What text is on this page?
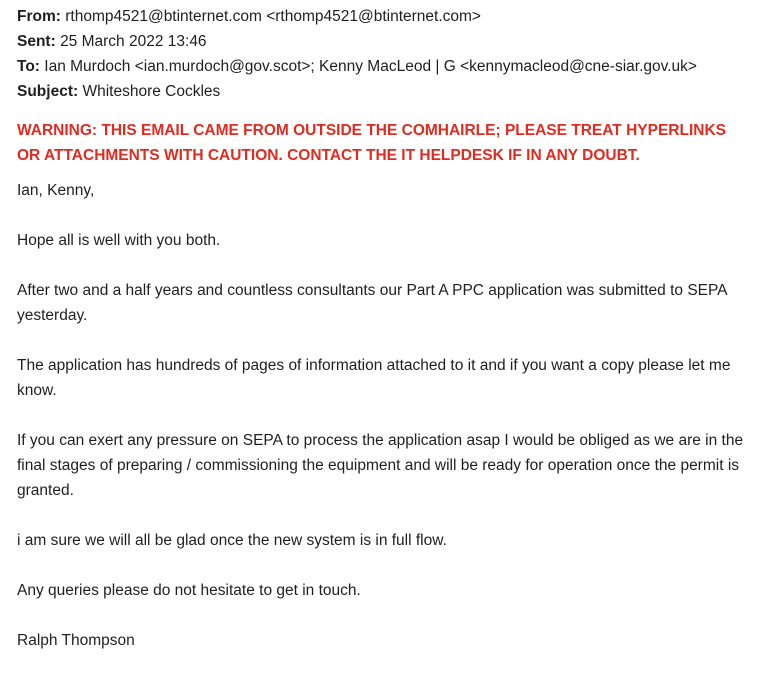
From: rthomp4521@btinternet.com <rthomp4521@btinternet.com>

Sent: 25 March 2022 13:46

To: Ian Murdoch <ian.murdoch@gov.scot>; Kenny MacLeod | G <kennymacleod@cne-siar.gov.uk>

Subject: Whiteshore Cockles

WARNING: THIS EMAIL CAME FROM OUTSIDE THE COMHAIRLE; PLEASE TREAT HYPERLINKS OR ATTACHMENTS WITH CAUTION. CONTACT THE IT HELPDESK IF IN ANY DOUBT.

Ian, Kenny,

Hope all is well with you both.

After two and a half years and countless consultants our Part A PPC application was submitted to SEPA yesterday.

The application has hundreds of pages of information attached to it and if you want a copy please let me know.

If you can exert any pressure on SEPA to process the application asap I would be obliged as we are in the final stages of preparing / commissioning the equipment and will be ready for operation once the permit is granted.

i am sure we will all be glad once the new system is in full flow.

Any queries please do not hesitate to get in touch.

Ralph Thompson
